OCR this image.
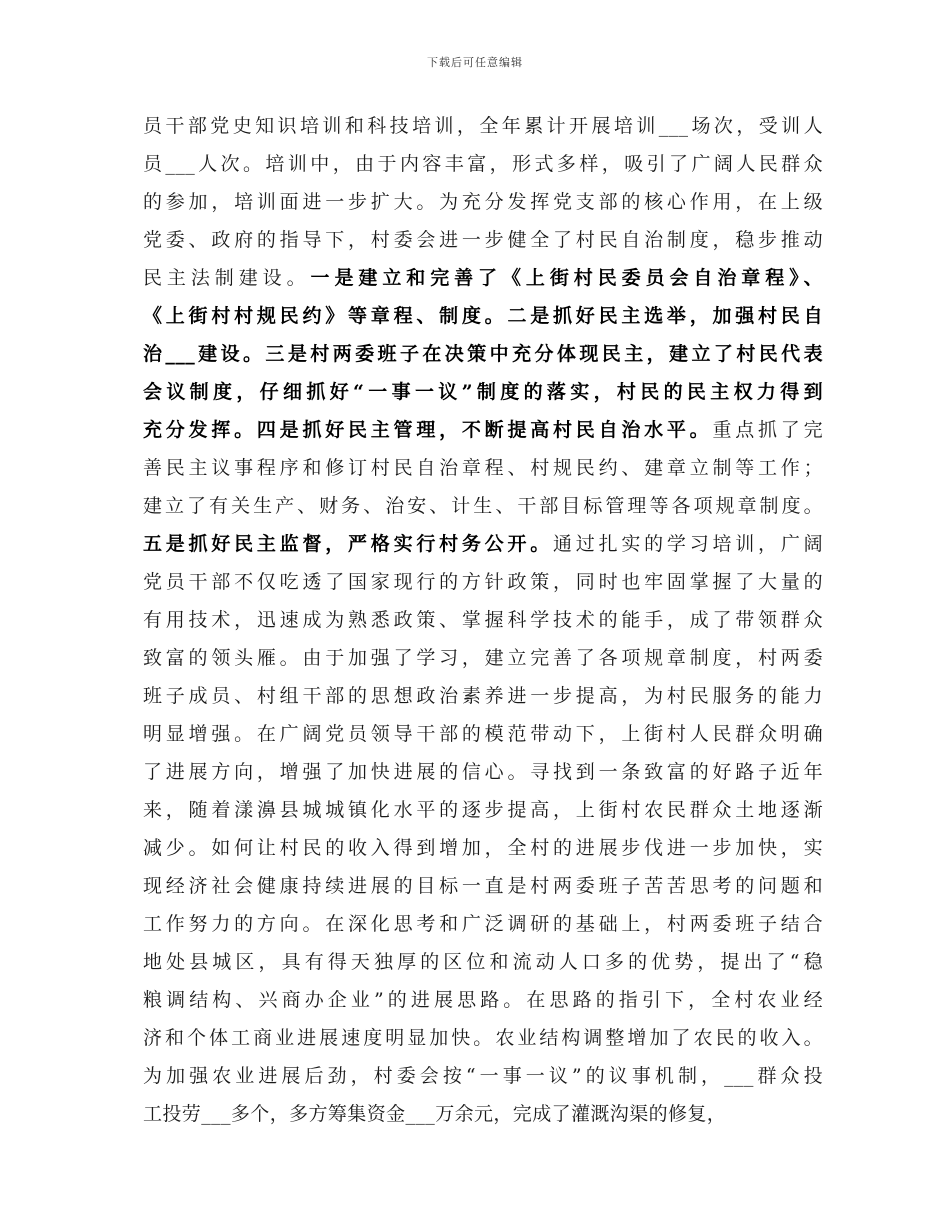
下载后可任意编辑
员干部党史知识培训和科技培训，全年累计开展培训___场次，受训人
员___人次。培训中，由于内容丰富，形式多样，吸引了广阔人民群众
的参加，培训面进一步扩大。为充分发挥党支部的核心作用，在上级
党委、政府的指导下，村委会进一步健全了村民自治制度，稳步推动
民主法制建设。一是建立和完善了《上街村民委员会自治章程》、
《上街村村规民约》等章程、制度。二是抓好民主选举，加强村民自
治___建设。三是村两委班子在决策中充分体现民主，建立了村民代表
会议制度，仔细抓好“一事一议”制度的落实，村民的民主权力得到
充分发挥。四是抓好民主管理，不断提高村民自治水平。重点抓了完
善民主议事程序和修订村民自治章程、村规民约、建章立制等工作；
建立了有关生产、财务、治安、计生、干部目标管理等各项规章制度。
五是抓好民主监督，严格实行村务公开。通过扎实的学习培训，广阔
党员干部不仅吃透了国家现行的方针政策，同时也牢固掌握了大量的
有用技术，迅速成为熟悉政策、掌握科学技术的能手，成了带领群众
致富的领头雁。由于加强了学习，建立完善了各项规章制度，村两委
班子成员、村组干部的思想政治素养进一步提高，为村民服务的能力
明显增强。在广阔党员领导干部的模范带动下，上街村人民群众明确
了进展方向，增强了加快进展的信心。寻找到一条致富的好路子近年
来，随着漾濞县城城镇化水平的逐步提高，上街村农民群众土地逐渐
减少。如何让村民的收入得到增加，全村的进展步伐进一步加快，实
现经济社会健康持续进展的目标一直是村两委班子苦苦思考的问题和
工作努力的方向。在深化思考和广泛调研的基础上，村两委班子结合
地处县城区，具有得天独厚的区位和流动人口多的优势，提出了“稳
粮调结构、兴商办企业”的进展思路。在思路的指引下，全村农业经
济和个体工商业进展速度明显加快。农业结构调整增加了农民的收入。
为加强农业进展后劲，村委会按“一事一议”的议事机制，___群众投
工投劳___多个，多方筹集资金___万余元，完成了灌溉沟渠的修复，
